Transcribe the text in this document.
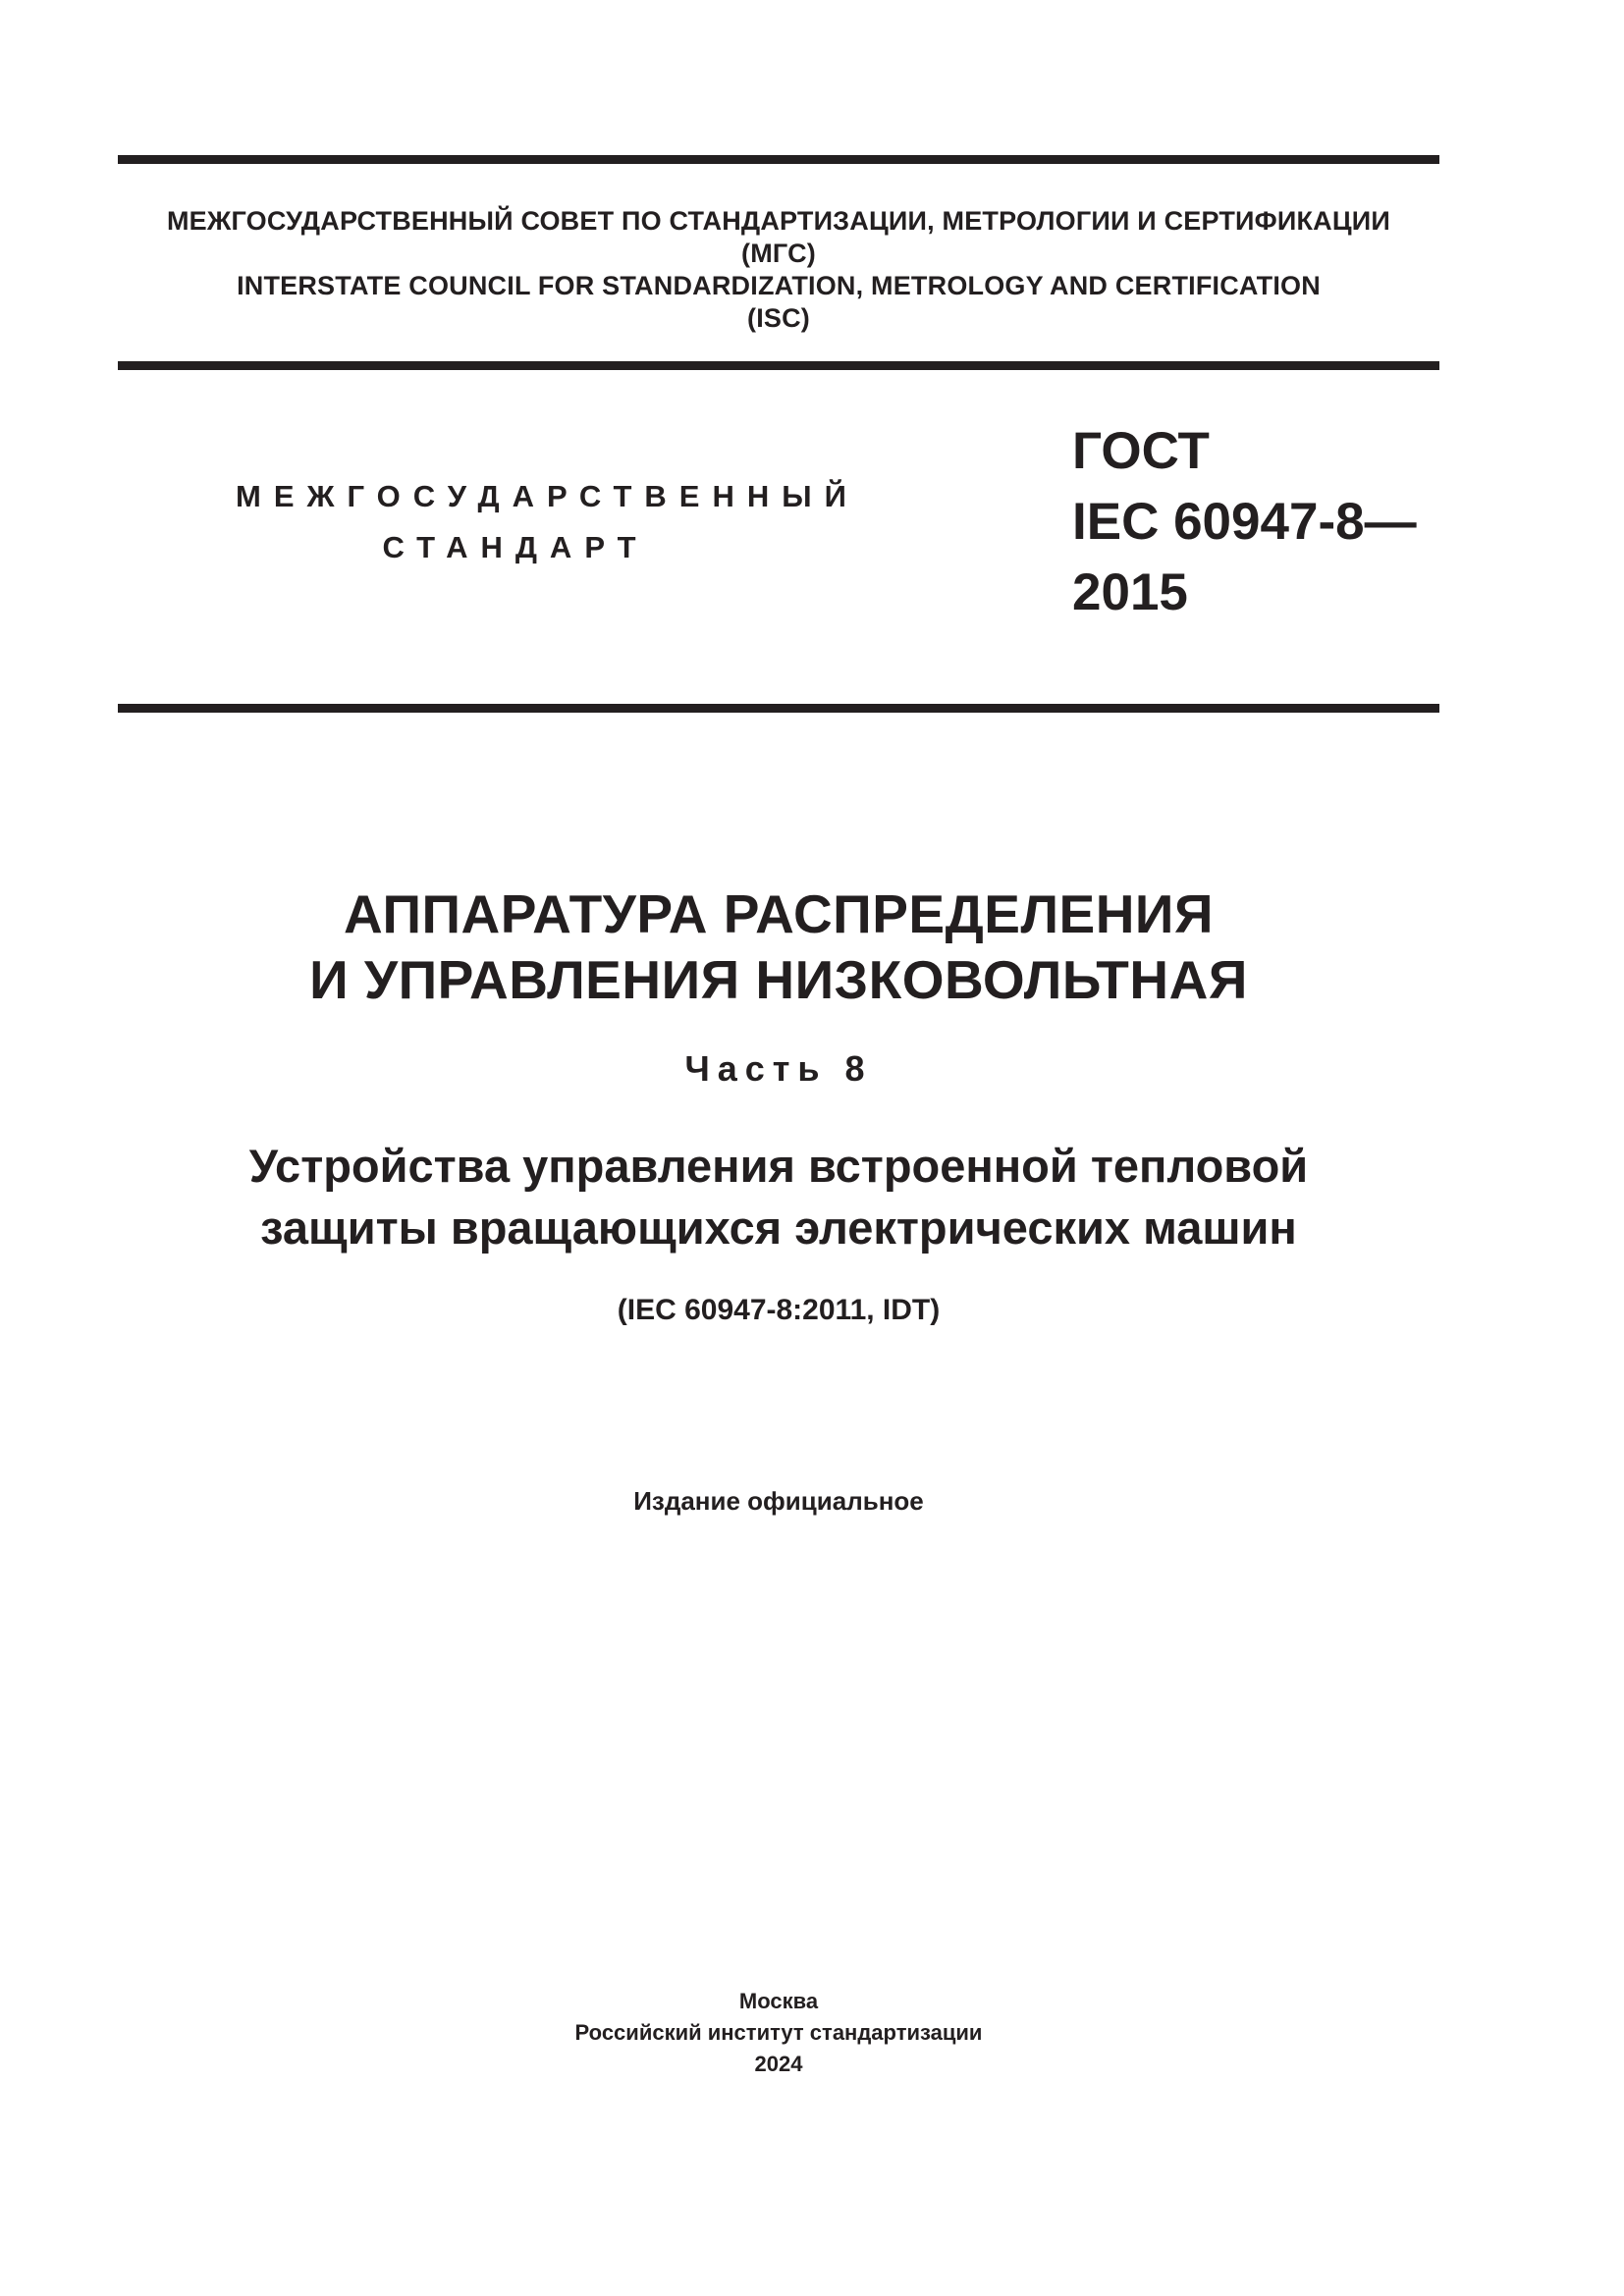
МЕЖГОСУДАРСТВЕННЫЙ СОВЕТ ПО СТАНДАРТИЗАЦИИ, МЕТРОЛОГИИ И СЕРТИФИКАЦИИ
(МГС)
INTERSTATE COUNCIL FOR STANDARDIZATION, METROLOGY AND CERTIFICATION
(ISC)
МЕЖГОСУДАРСТВЕННЫЙ
СТАНДАРТ
ГОСТ
IEC 60947-8—
2015
АППАРАТУРА РАСПРЕДЕЛЕНИЯ
И УПРАВЛЕНИЯ НИЗКОВОЛЬТНАЯ
Часть 8
Устройства управления встроенной тепловой
защиты вращающихся электрических машин
(IEC 60947-8:2011, IDT)
Издание официальное
Москва
Российский институт стандартизации
2024
